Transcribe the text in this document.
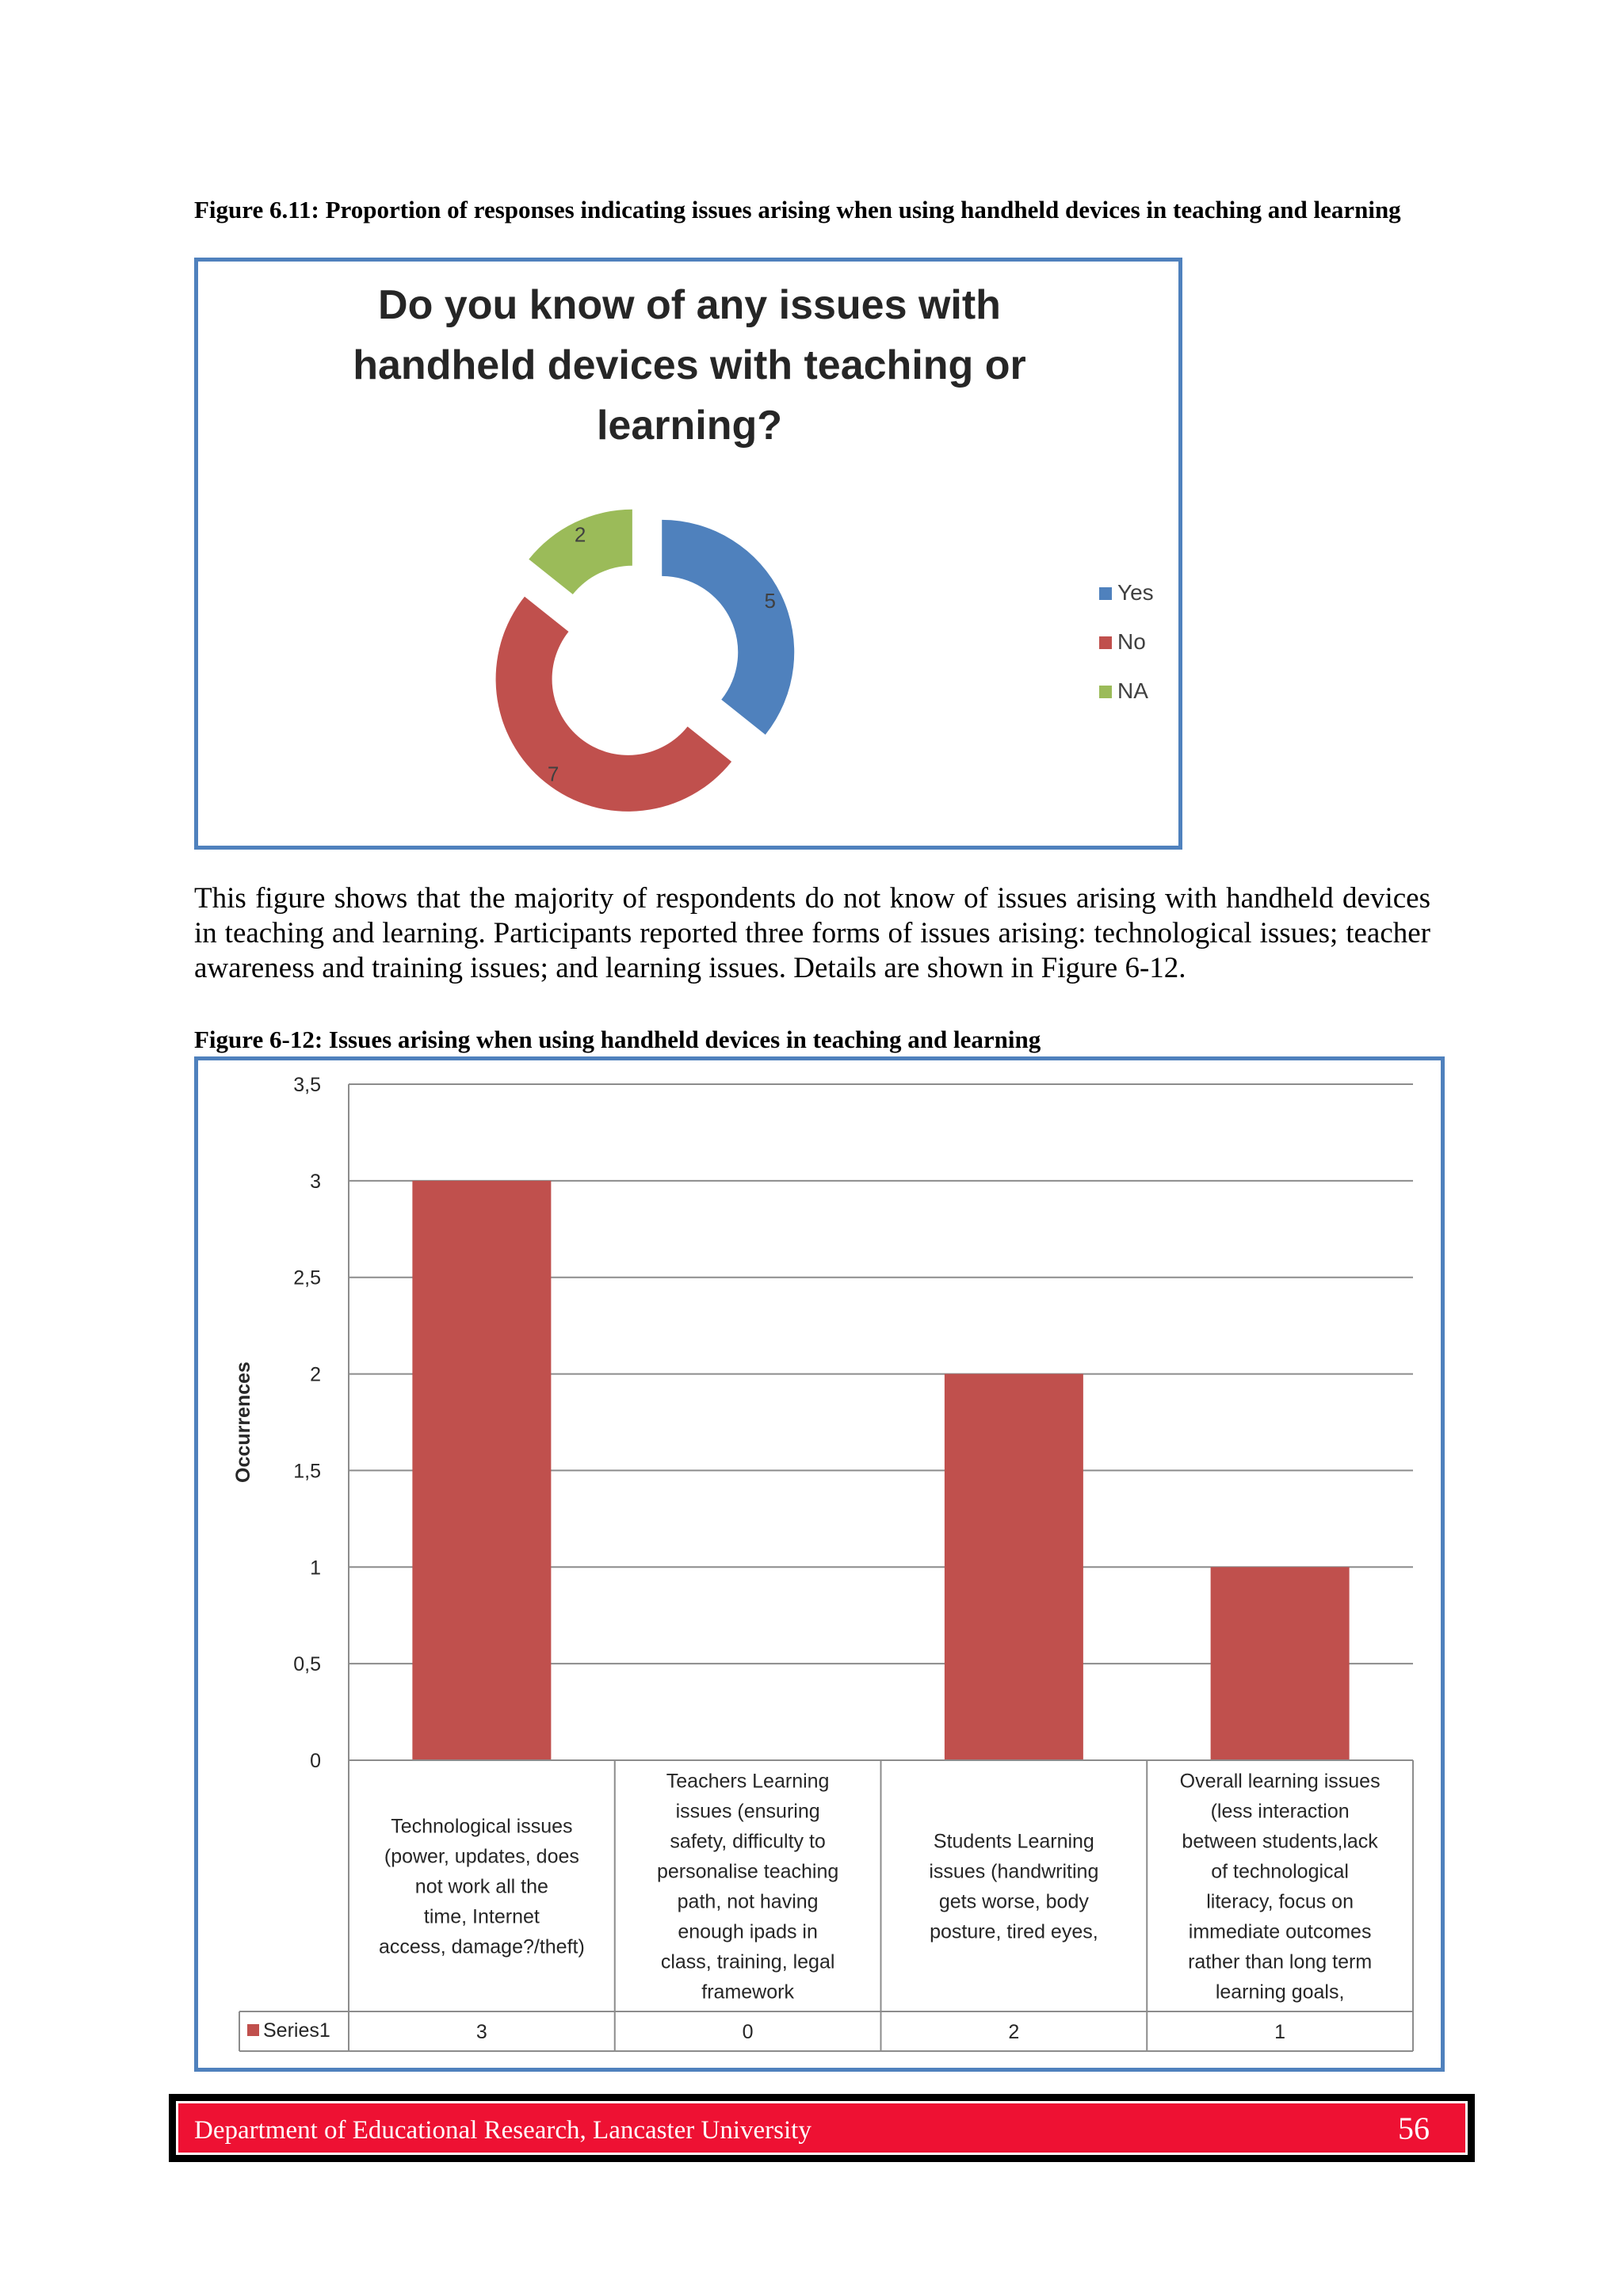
Figure 6.11: Proportion of responses indicating issues arising when using handheld devices in teaching and learning
Do you know of any issues with
handheld devices with teaching or
learning?
5
7
2
Yes
No
NA
This figure shows that the majority of respondents do not know of issues arising with handheld devices in teaching and learning. Participants reported three forms of issues arising: technological issues; teacher awareness and training issues; and learning issues. Details are shown in Figure 6-12.
Figure 6-12: Issues arising when using handheld devices in teaching and learning
0
0,5
1
1,5
2
2,5
3
3,5
Occurrences
Technological issues (power, updates, does not work all the time, Internet access, damage?/theft)
Teachers Learning issues (ensuring safety, difficulty to personalise teaching path, not having enough ipads in class, training, legal framework
Students Learning issues (handwriting gets worse, body posture, tired eyes,
Overall learning issues (less interaction between students,lack of technological literacy, focus on immediate outcomes rather than long term learning goals,
Series1	3	0	2	1
Department of Educational Research, Lancaster University	56
